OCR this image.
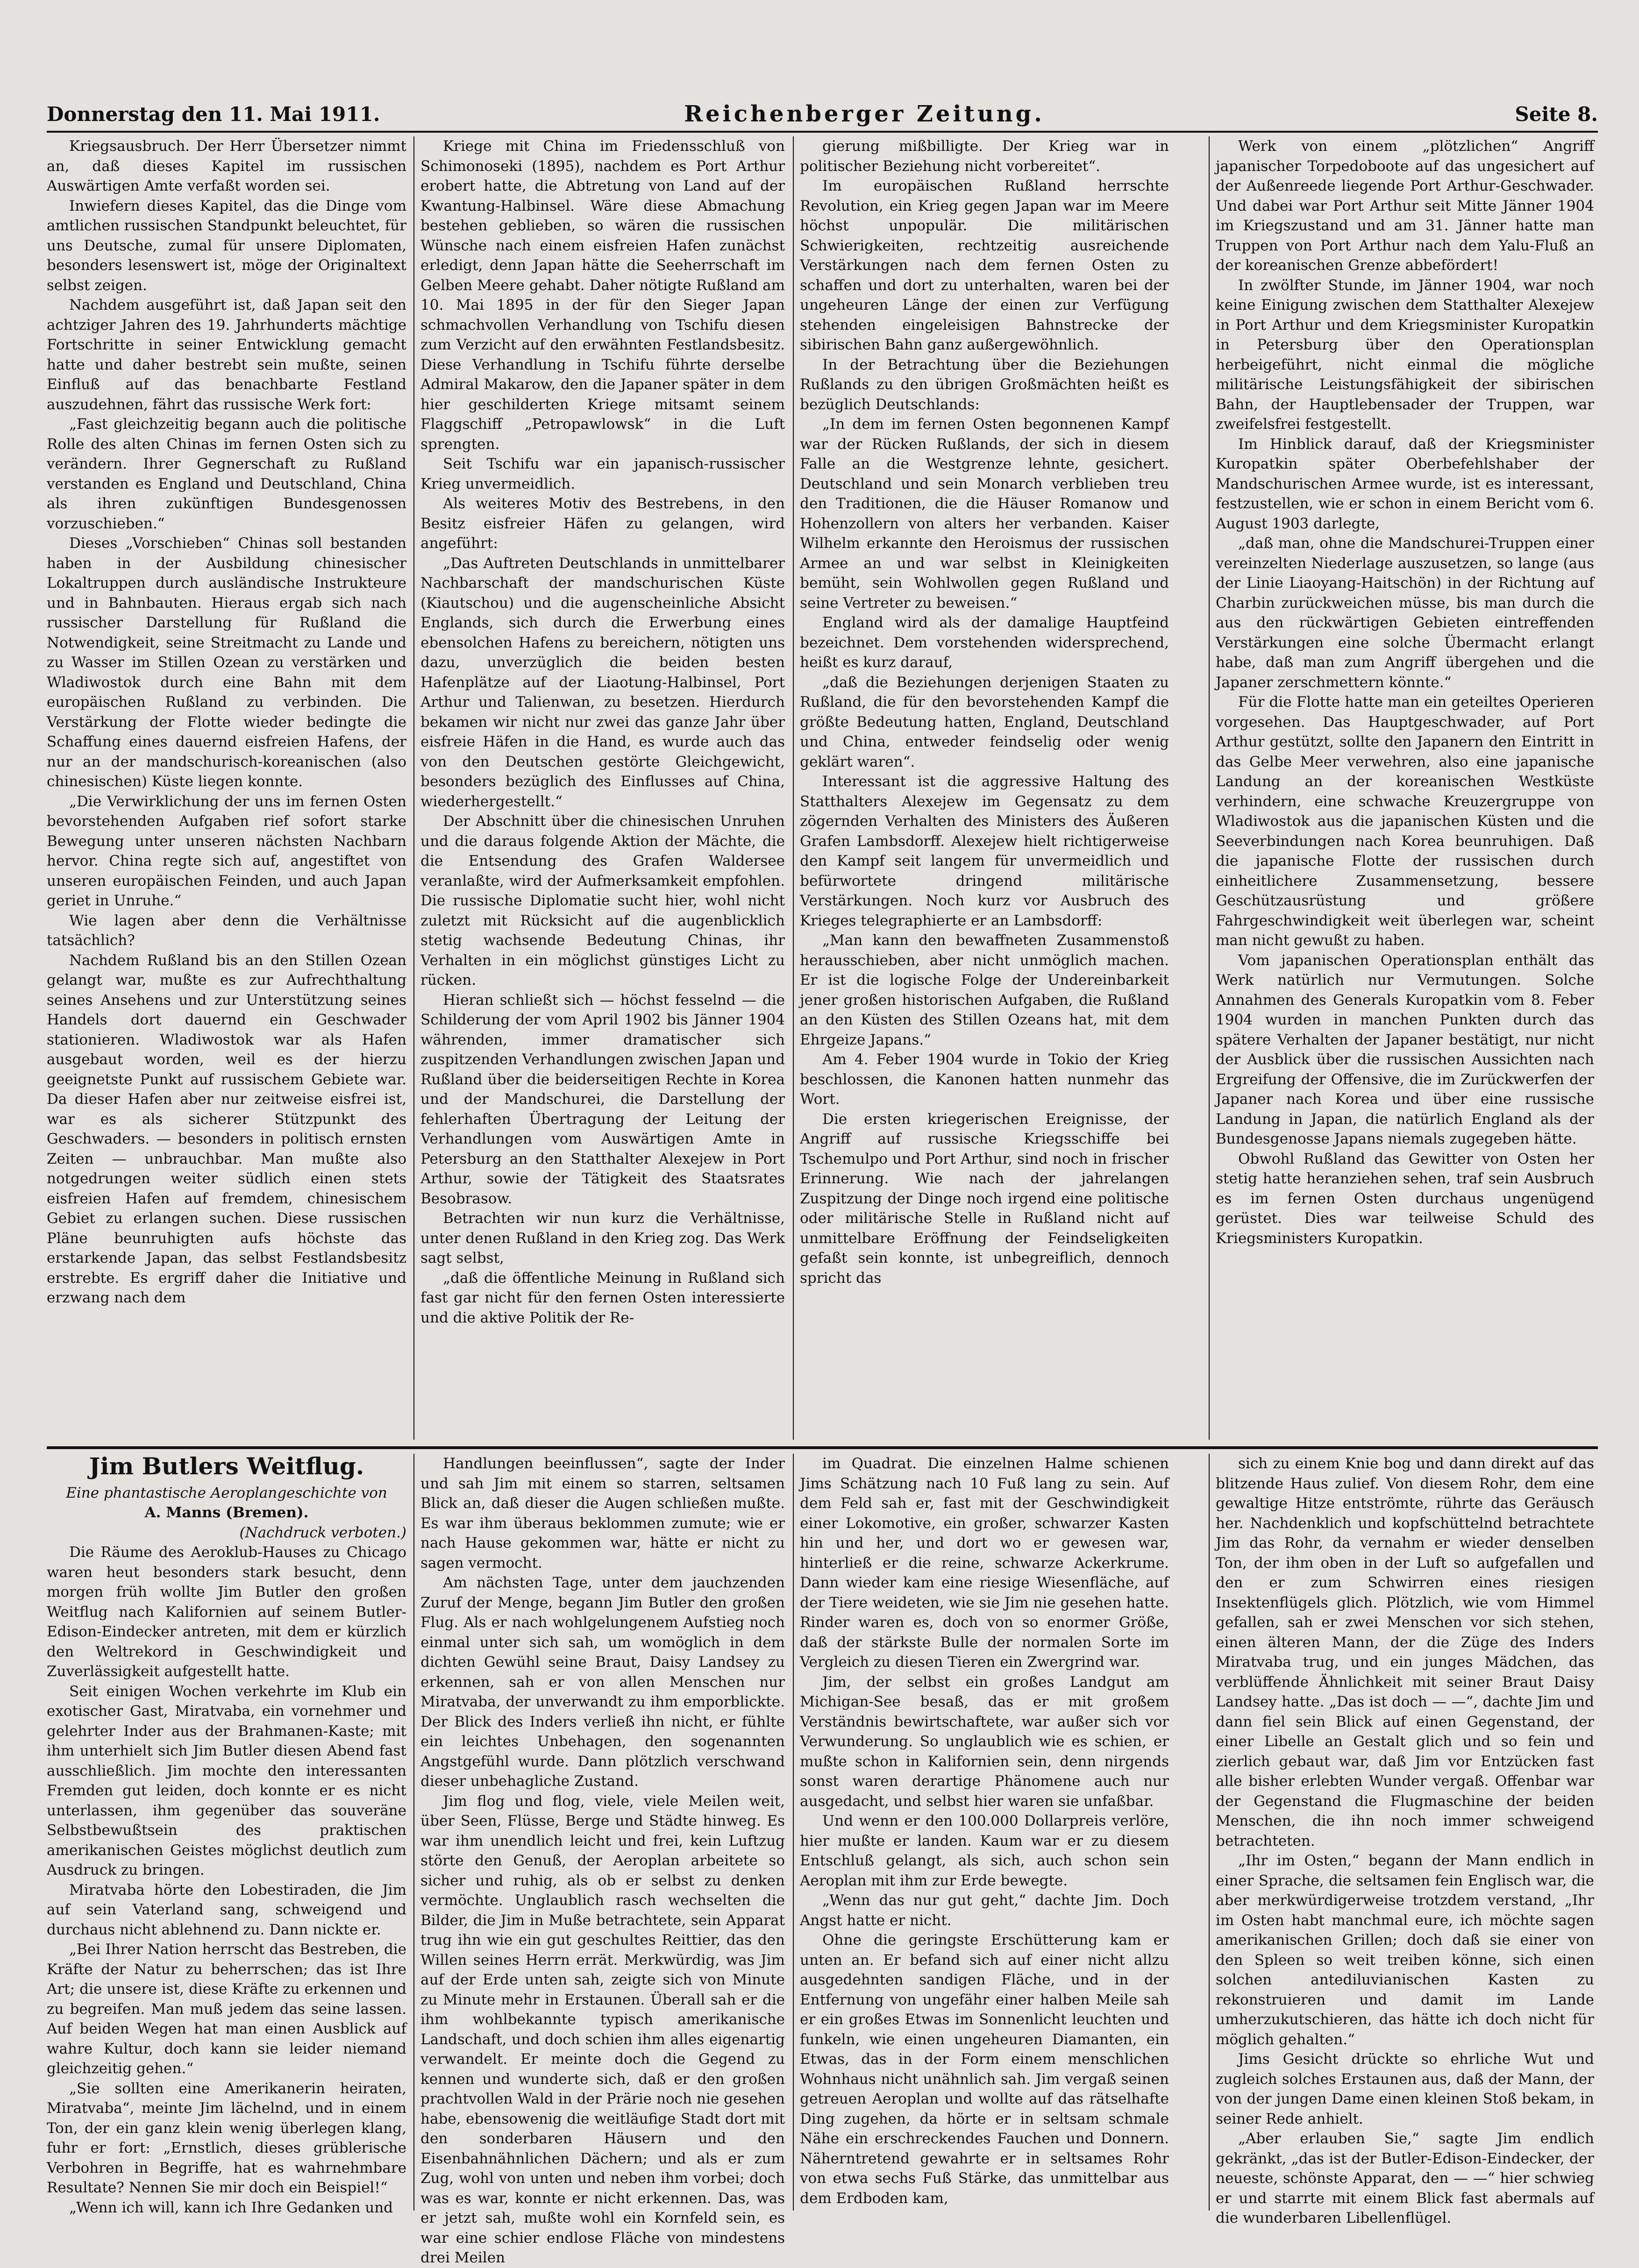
Donnerstag den 11. Mai 1911.	Reichenberger Zeitung.	Seite 8.

Kriegsausbruch. Der Herr Übersetzer nimmt an, daß dieses Kapitel im russischen Auswärtigen Amte verfaßt worden sei.

Inwiefern dieses Kapitel, das die Dinge vom amtlichen russischen Standpunkt beleuchtet, für uns Deutsche, zumal für unsere Diplomaten, besonders lesenswert ist, möge der Originaltext selbst zeigen.

Nachdem ausgeführt ist, daß Japan seit den achtziger Jahren des 19. Jahrhunderts mächtige Fortschritte in seiner Entwicklung gemacht hatte und daher bestrebt sein mußte, seinen Einfluß auf das benachbarte Festland auszudehnen, fährt das russische Werk fort:

„Fast gleichzeitig begann auch die politische Rolle des alten Chinas im fernen Osten sich zu verändern. Ihrer Gegnerschaft zu Rußland verstanden es England und Deutschland, China als ihren zukünftigen Bundesgenossen vorzuschieben.“

Dieses „Vorschieben“ Chinas soll bestanden haben in der Ausbildung chinesischer Lokaltruppen durch ausländische Instrukteure und in Bahnbauten. Hieraus ergab sich nach russischer Darstellung für Rußland die Notwendigkeit, seine Streitmacht zu Lande und zu Wasser im Stillen Ozean zu verstärken und Wladiwostok durch eine Bahn mit dem europäischen Rußland zu verbinden. Die Verstärkung der Flotte wieder bedingte die Schaffung eines dauernd eisfreien Hafens, der nur an der mandschurisch-koreanischen (also chinesischen) Küste liegen konnte.

„Die Verwirklichung der uns im fernen Osten bevorstehenden Aufgaben rief sofort starke Bewegung unter unseren nächsten Nachbarn hervor. China regte sich auf, angestiftet von unseren europäischen Feinden, und auch Japan geriet in Unruhe.“

Wie lagen aber denn die Verhältnisse tatsächlich?

Nachdem Rußland bis an den Stillen Ozean gelangt war, mußte es zur Aufrechthaltung seines Ansehens und zur Unterstützung seines Handels dort dauernd ein Geschwader stationieren. Wladiwostok war als Hafen ausgebaut worden, weil es der hierzu geeignetste Punkt auf russischem Gebiete war. Da dieser Hafen aber nur zeitweise eisfrei ist, war es als sicherer Stützpunkt des Geschwaders. — besonders in politisch ernsten Zeiten — unbrauchbar. Man mußte also notgedrungen weiter südlich einen stets eisfreien Hafen auf fremdem, chinesischem Gebiet zu erlangen suchen. Diese russischen Pläne beunruhigten aufs höchste das erstarkende Japan, das selbst Festlandsbesitz erstrebte. Es ergriff daher die Initiative und erzwang nach dem

Kriege mit China im Friedensschluß von Schimonoseki (1895), nachdem es Port Arthur erobert hatte, die Abtretung von Land auf der Kwantung-Halbinsel. Wäre diese Abmachung bestehen geblieben, so wären die russischen Wünsche nach einem eisfreien Hafen zunächst erledigt, denn Japan hätte die Seeherrschaft im Gelben Meere gehabt. Daher nötigte Rußland am 10. Mai 1895 in der für den Sieger Japan schmachvollen Verhandlung von Tschifu diesen zum Verzicht auf den erwähnten Festlandsbesitz. Diese Verhandlung in Tschifu führte derselbe Admiral Makarow, den die Japaner später in dem hier geschilderten Kriege mitsamt seinem Flaggschiff „Petropawlowsk“ in die Luft sprengten.

Seit Tschifu war ein japanisch-russischer Krieg unvermeidlich.

Als weiteres Motiv des Bestrebens, in den Besitz eisfreier Häfen zu gelangen, wird angeführt:

„Das Auftreten Deutschlands in unmittelbarer Nachbarschaft der mandschurischen Küste (Kiautschou) und die augenscheinliche Absicht Englands, sich durch die Erwerbung eines ebensolchen Hafens zu bereichern, nötigten uns dazu, unverzüglich die beiden besten Hafenplätze auf der Liaotung-Halbinsel, Port Arthur und Talienwan, zu besetzen. Hierdurch bekamen wir nicht nur zwei das ganze Jahr über eisfreie Häfen in die Hand, es wurde auch das von den Deutschen gestörte Gleichgewicht, besonders bezüglich des Einflusses auf China, wiederhergestellt.“

Der Abschnitt über die chinesischen Unruhen und die daraus folgende Aktion der Mächte, die die Entsendung des Grafen Waldersee veranlaßte, wird der Aufmerksamkeit empfohlen. Die russische Diplomatie sucht hier, wohl nicht zuletzt mit Rücksicht auf die augenblicklich stetig wachsende Bedeutung Chinas, ihr Verhalten in ein möglichst günstiges Licht zu rücken.

Hieran schließt sich — höchst fesselnd — die Schilderung der vom April 1902 bis Jänner 1904 währenden, immer dramatischer sich zuspitzenden Verhandlungen zwischen Japan und Rußland über die beiderseitigen Rechte in Korea und der Mandschurei, die Darstellung der fehlerhaften Übertragung der Leitung der Verhandlungen vom Auswärtigen Amte in Petersburg an den Statthalter Alexejew in Port Arthur, sowie der Tätigkeit des Staatsrates Besobrasow.

Betrachten wir nun kurz die Verhältnisse, unter denen Rußland in den Krieg zog. Das Werk sagt selbst,

„daß die öffentliche Meinung in Rußland sich fast gar nicht für den fernen Osten interessierte und die aktive Politik der Re-

gierung mißbilligte. Der Krieg war in politischer Beziehung nicht vorbereitet“.

Im europäischen Rußland herrschte Revolution, ein Krieg gegen Japan war im Meere höchst unpopulär. Die militärischen Schwierigkeiten, rechtzeitig ausreichende Verstärkungen nach dem fernen Osten zu schaffen und dort zu unterhalten, waren bei der ungeheuren Länge der einen zur Verfügung stehenden eingeleisigen Bahnstrecke der sibirischen Bahn ganz außergewöhnlich.

In der Betrachtung über die Beziehungen Rußlands zu den übrigen Großmächten heißt es bezüglich Deutschlands:

„In dem im fernen Osten begonnenen Kampf war der Rücken Rußlands, der sich in diesem Falle an die Westgrenze lehnte, gesichert. Deutschland und sein Monarch verblieben treu den Traditionen, die die Häuser Romanow und Hohenzollern von alters her verbanden. Kaiser Wilhelm erkannte den Heroismus der russischen Armee an und war selbst in Kleinigkeiten bemüht, sein Wohlwollen gegen Rußland und seine Vertreter zu beweisen.“

England wird als der damalige Hauptfeind bezeichnet. Dem vorstehenden widersprechend, heißt es kurz darauf,

„daß die Beziehungen derjenigen Staaten zu Rußland, die für den bevorstehenden Kampf die größte Bedeutung hatten, England, Deutschland und China, entweder feindselig oder wenig geklärt waren“.

Interessant ist die aggressive Haltung des Statthalters Alexejew im Gegensatz zu dem zögernden Verhalten des Ministers des Äußeren Grafen Lambsdorff. Alexejew hielt richtigerweise den Kampf seit langem für unvermeidlich und befürwortete dringend militärische Verstärkungen. Noch kurz vor Ausbruch des Krieges telegraphierte er an Lambsdorff:

„Man kann den bewaffneten Zusammenstoß herausschieben, aber nicht unmöglich machen. Er ist die logische Folge der Undereinbarkeit jener großen historischen Aufgaben, die Rußland an den Küsten des Stillen Ozeans hat, mit dem Ehrgeize Japans.“

Am 4. Feber 1904 wurde in Tokio der Krieg beschlossen, die Kanonen hatten nunmehr das Wort.

Die ersten kriegerischen Ereignisse, der Angriff auf russische Kriegsschiffe bei Tschemulpo und Port Arthur, sind noch in frischer Erinnerung. Wie nach der jahrelangen Zuspitzung der Dinge noch irgend eine politische oder militärische Stelle in Rußland nicht auf unmittelbare Eröffnung der Feindseligkeiten gefaßt sein konnte, ist unbegreiflich, dennoch spricht das

Werk von einem „plötzlichen“ Angriff japanischer Torpedoboote auf das ungesichert auf der Außenreede liegende Port Arthur-Geschwader. Und dabei war Port Arthur seit Mitte Jänner 1904 im Kriegszustand und am 31. Jänner hatte man Truppen von Port Arthur nach dem Yalu-Fluß an der koreanischen Grenze abbefördert!

In zwölfter Stunde, im Jänner 1904, war noch keine Einigung zwischen dem Statthalter Alexejew in Port Arthur und dem Kriegsminister Kuropatkin in Petersburg über den Operationsplan herbeigeführt, nicht einmal die mögliche militärische Leistungsfähigkeit der sibirischen Bahn, der Hauptlebensader der Truppen, war zweifelsfrei festgestellt.

Im Hinblick darauf, daß der Kriegsminister Kuropatkin später Oberbefehlshaber der Mandschurischen Armee wurde, ist es interessant, festzustellen, wie er schon in einem Bericht vom 6. August 1903 darlegte,

„daß man, ohne die Mandschurei-Truppen einer vereinzelten Niederlage auszusetzen, so lange (aus der Linie Liaoyang-Haitschön) in der Richtung auf Charbin zurückweichen müsse, bis man durch die aus den rückwärtigen Gebieten eintreffenden Verstärkungen eine solche Übermacht erlangt habe, daß man zum Angriff übergehen und die Japaner zerschmettern könnte.“

Für die Flotte hatte man ein geteiltes Operieren vorgesehen. Das Hauptgeschwader, auf Port Arthur gestützt, sollte den Japanern den Eintritt in das Gelbe Meer verwehren, also eine japanische Landung an der koreanischen Westküste verhindern, eine schwache Kreuzergruppe von Wladiwostok aus die japanischen Küsten und die Seeverbindungen nach Korea beunruhigen. Daß die japanische Flotte der russischen durch einheitlichere Zusammensetzung, bessere Geschützausrüstung und größere Fahrgeschwindigkeit weit überlegen war, scheint man nicht gewußt zu haben.

Vom japanischen Operationsplan enthält das Werk natürlich nur Vermutungen. Solche Annahmen des Generals Kuropatkin vom 8. Feber 1904 wurden in manchen Punkten durch das spätere Verhalten der Japaner bestätigt, nur nicht der Ausblick über die russischen Aussichten nach Ergreifung der Offensive, die im Zurückwerfen der Japaner nach Korea und über eine russische Landung in Japan, die natürlich England als der Bundesgenosse Japans niemals zugegeben hätte.

Obwohl Rußland das Gewitter von Osten her stetig hatte heranziehen sehen, traf sein Ausbruch es im fernen Osten durchaus ungenügend gerüstet. Dies war teilweise Schuld des Kriegsministers Kuropatkin.

Jim Butlers Weitflug.

Eine phantastische Aeroplangeschichte von

A. Manns (Bremen).

(Nachdruck verboten.)

Die Räume des Aeroklub-Hauses zu Chicago waren heut besonders stark besucht, denn morgen früh wollte Jim Butler den großen Weitflug nach Kalifornien auf seinem Butler-Edison-Eindecker antreten, mit dem er kürzlich den Weltrekord in Geschwindigkeit und Zuverlässigkeit aufgestellt hatte.

Seit einigen Wochen verkehrte im Klub ein exotischer Gast, Miratvaba, ein vornehmer und gelehrter Inder aus der Brahmanen-Kaste; mit ihm unterhielt sich Jim Butler diesen Abend fast ausschließlich. Jim mochte den interessanten Fremden gut leiden, doch konnte er es nicht unterlassen, ihm gegenüber das souveräne Selbstbewußtsein des praktischen amerikanischen Geistes möglichst deutlich zum Ausdruck zu bringen.

Miratvaba hörte den Lobestiraden, die Jim auf sein Vaterland sang, schweigend und durchaus nicht ablehnend zu. Dann nickte er.

„Bei Ihrer Nation herrscht das Bestreben, die Kräfte der Natur zu beherrschen; das ist Ihre Art; die unsere ist, diese Kräfte zu erkennen und zu begreifen. Man muß jedem das seine lassen. Auf beiden Wegen hat man einen Ausblick auf wahre Kultur, doch kann sie leider niemand gleichzeitig gehen.“

„Sie sollten eine Amerikanerin heiraten, Miratvaba“, meinte Jim lächelnd, und in einem Ton, der ein ganz klein wenig überlegen klang, fuhr er fort: „Ernstlich, dieses grüblerische Verbohren in Begriffe, hat es wahrnehmbare Resultate? Nennen Sie mir doch ein Beispiel!“

„Wenn ich will, kann ich Ihre Gedanken und

Handlungen beeinflussen“, sagte der Inder und sah Jim mit einem so starren, seltsamen Blick an, daß dieser die Augen schließen mußte. Es war ihm überaus beklommen zumute; wie er nach Hause gekommen war, hätte er nicht zu sagen vermocht.

Am nächsten Tage, unter dem jauchzenden Zuruf der Menge, begann Jim Butler den großen Flug. Als er nach wohlgelungenem Aufstieg noch einmal unter sich sah, um womöglich in dem dichten Gewühl seine Braut, Daisy Landsey zu erkennen, sah er von allen Menschen nur Miratvaba, der unverwandt zu ihm emporblickte. Der Blick des Inders verließ ihn nicht, er fühlte ein leichtes Unbehagen, den sogenannten Angstgefühl wurde. Dann plötzlich verschwand dieser unbehagliche Zustand.

Jim flog und flog, viele, viele Meilen weit, über Seen, Flüsse, Berge und Städte hinweg. Es war ihm unendlich leicht und frei, kein Luftzug störte den Genuß, der Aeroplan arbeitete so sicher und ruhig, als ob er selbst zu denken vermöchte. Unglaublich rasch wechselten die Bilder, die Jim in Muße betrachtete, sein Apparat trug ihn wie ein gut geschultes Reittier, das den Willen seines Herrn errät. Merkwürdig, was Jim auf der Erde unten sah, zeigte sich von Minute zu Minute mehr in Erstaunen. Überall sah er die ihm wohlbekannte typisch amerikanische Landschaft, und doch schien ihm alles eigenartig verwandelt. Er meinte doch die Gegend zu kennen und wunderte sich, daß er den großen prachtvollen Wald in der Prärie noch nie gesehen habe, ebensowenig die weitläufige Stadt dort mit den sonderbaren Häusern und den Eisenbahnähnlichen Dächern; und als er zum Zug, wohl von unten und neben ihm vorbei; doch was es war, konnte er nicht erkennen. Das, was er jetzt sah, mußte wohl ein Kornfeld sein, es war eine schier endlose Fläche von mindestens drei Meilen

im Quadrat. Die einzelnen Halme schienen Jims Schätzung nach 10 Fuß lang zu sein. Auf dem Feld sah er, fast mit der Geschwindigkeit einer Lokomotive, ein großer, schwarzer Kasten hin und her, und dort wo er gewesen war, hinterließ er die reine, schwarze Ackerkrume. Dann wieder kam eine riesige Wiesenfläche, auf der Tiere weideten, wie sie Jim nie gesehen hatte. Rinder waren es, doch von so enormer Größe, daß der stärkste Bulle der normalen Sorte im Vergleich zu diesen Tieren ein Zwergrind war.

Jim, der selbst ein großes Landgut am Michigan-See besaß, das er mit großem Verständnis bewirtschaftete, war außer sich vor Verwunderung. So unglaublich wie es schien, er mußte schon in Kalifornien sein, denn nirgends sonst waren derartige Phänomene auch nur ausgedacht, und selbst hier waren sie unfaßbar.

Und wenn er den 100.000 Dollarpreis verlöre, hier mußte er landen. Kaum war er zu diesem Entschluß gelangt, als sich, auch schon sein Aeroplan mit ihm zur Erde bewegte.

„Wenn das nur gut geht,“ dachte Jim. Doch Angst hatte er nicht.

Ohne die geringste Erschütterung kam er unten an. Er befand sich auf einer nicht allzu ausgedehnten sandigen Fläche, und in der Entfernung von ungefähr einer halben Meile sah er ein großes Etwas im Sonnenlicht leuchten und funkeln, wie einen ungeheuren Diamanten, ein Etwas, das in der Form einem menschlichen Wohnhaus nicht unähnlich sah. Jim vergaß seinen getreuen Aeroplan und wollte auf das rätselhafte Ding zugehen, da hörte er in seltsam schmale Nähe ein erschreckendes Fauchen und Donnern. Näherntretend gewahrte er in seltsames Rohr von etwa sechs Fuß Stärke, das unmittelbar aus dem Erdboden kam,

sich zu einem Knie bog und dann direkt auf das blitzende Haus zulief. Von diesem Rohr, dem eine gewaltige Hitze entströmte, rührte das Geräusch her. Nachdenklich und kopfschüttelnd betrachtete Jim das Rohr, da vernahm er wieder denselben Ton, der ihm oben in der Luft so aufgefallen und den er zum Schwirren eines riesigen Insektenflügels glich. Plötzlich, wie vom Himmel gefallen, sah er zwei Menschen vor sich stehen, einen älteren Mann, der die Züge des Inders Miratvaba trug, und ein junges Mädchen, das verblüffende Ähnlichkeit mit seiner Braut Daisy Landsey hatte. „Das ist doch — —“, dachte Jim und dann fiel sein Blick auf einen Gegenstand, der einer Libelle an Gestalt glich und so fein und zierlich gebaut war, daß Jim vor Entzücken fast alle bisher erlebten Wunder vergaß. Offenbar war der Gegenstand die Flugmaschine der beiden Menschen, die ihn noch immer schweigend betrachteten.

„Ihr im Osten,“ begann der Mann endlich in einer Sprache, die seltsamen fein Englisch war, die aber merkwürdigerweise trotzdem verstand, „Ihr im Osten habt manchmal eure, ich möchte sagen amerikanischen Grillen; doch daß sie einer von den Spleen so weit treiben könne, sich einen solchen antediluvianischen Kasten zu rekonstruieren und damit im Lande umherzukutschieren, das hätte ich doch nicht für möglich gehalten.“

Jims Gesicht drückte so ehrliche Wut und zugleich solches Erstaunen aus, daß der Mann, der von der jungen Dame einen kleinen Stoß bekam, in seiner Rede anhielt.

„Aber erlauben Sie,“ sagte Jim endlich gekränkt, „das ist der Butler-Edison-Eindecker, der neueste, schönste Apparat, den — —“ hier schwieg er und starrte mit einem Blick fast abermals auf die wunderbaren Libellenflügel.
